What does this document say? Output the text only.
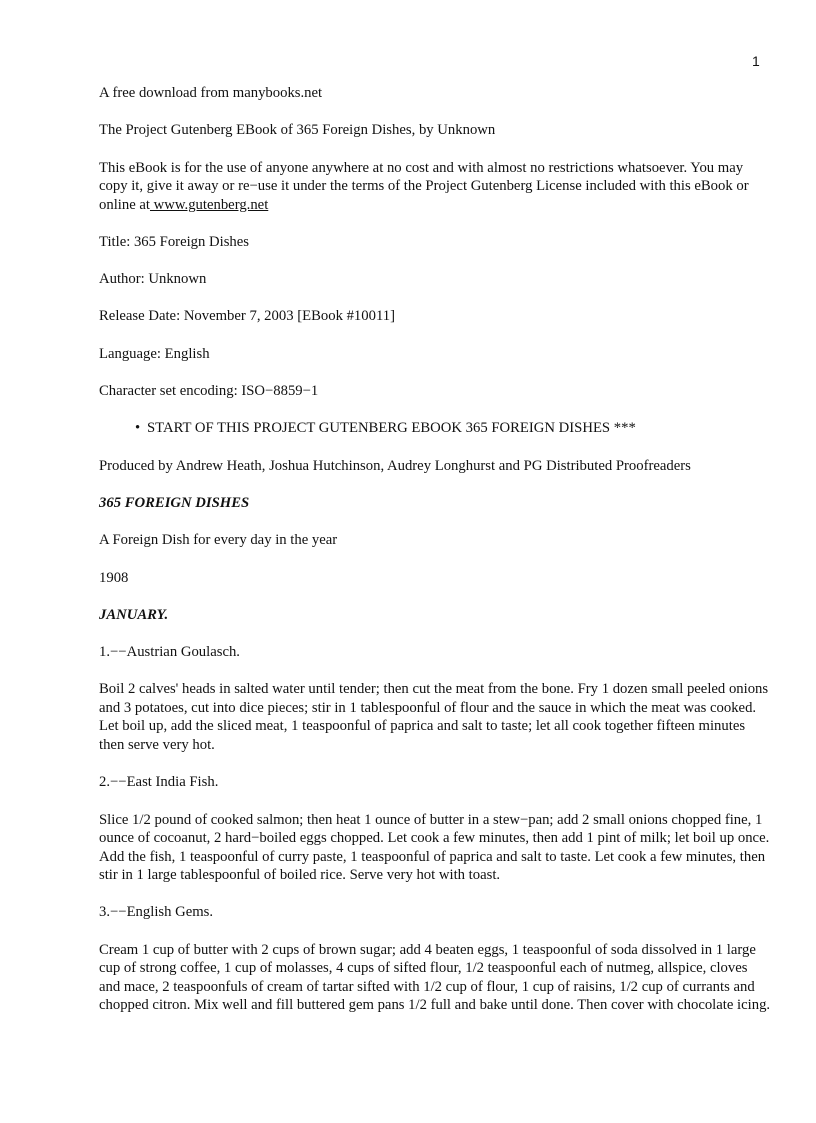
1

A free download from manybooks.net

The Project Gutenberg EBook of 365 Foreign Dishes, by Unknown

This eBook is for the use of anyone anywhere at no cost and with almost no restrictions whatsoever. You may copy it, give it away or re−use it under the terms of the Project Gutenberg License included with this eBook or online at www.gutenberg.net

Title: 365 Foreign Dishes

Author: Unknown

Release Date: November 7, 2003 [EBook #10011]

Language: English

Character set encoding: ISO−8859−1

• START OF THIS PROJECT GUTENBERG EBOOK 365 FOREIGN DISHES ***

Produced by Andrew Heath, Joshua Hutchinson, Audrey Longhurst and PG Distributed Proofreaders

365 FOREIGN DISHES

A Foreign Dish for every day in the year

1908

JANUARY.

1.−−Austrian Goulasch.

Boil 2 calves' heads in salted water until tender; then cut the meat from the bone. Fry 1 dozen small peeled onions and 3 potatoes, cut into dice pieces; stir in 1 tablespoonful of flour and the sauce in which the meat was cooked. Let boil up, add the sliced meat, 1 teaspoonful of paprica and salt to taste; let all cook together fifteen minutes then serve very hot.

2.−−East India Fish.

Slice 1/2 pound of cooked salmon; then heat 1 ounce of butter in a stew−pan; add 2 small onions chopped fine, 1 ounce of cocoanut, 2 hard−boiled eggs chopped. Let cook a few minutes, then add 1 pint of milk; let boil up once. Add the fish, 1 teaspoonful of curry paste, 1 teaspoonful of paprica and salt to taste. Let cook a few minutes, then stir in 1 large tablespoonful of boiled rice. Serve very hot with toast.

3.−−English Gems.

Cream 1 cup of butter with 2 cups of brown sugar; add 4 beaten eggs, 1 teaspoonful of soda dissolved in 1 large cup of strong coffee, 1 cup of molasses, 4 cups of sifted flour, 1/2 teaspoonful each of nutmeg, allspice, cloves and mace, 2 teaspoonfuls of cream of tartar sifted with 1/2 cup of flour, 1 cup of raisins, 1/2 cup of currants and chopped citron. Mix well and fill buttered gem pans 1/2 full and bake until done. Then cover with chocolate icing.
